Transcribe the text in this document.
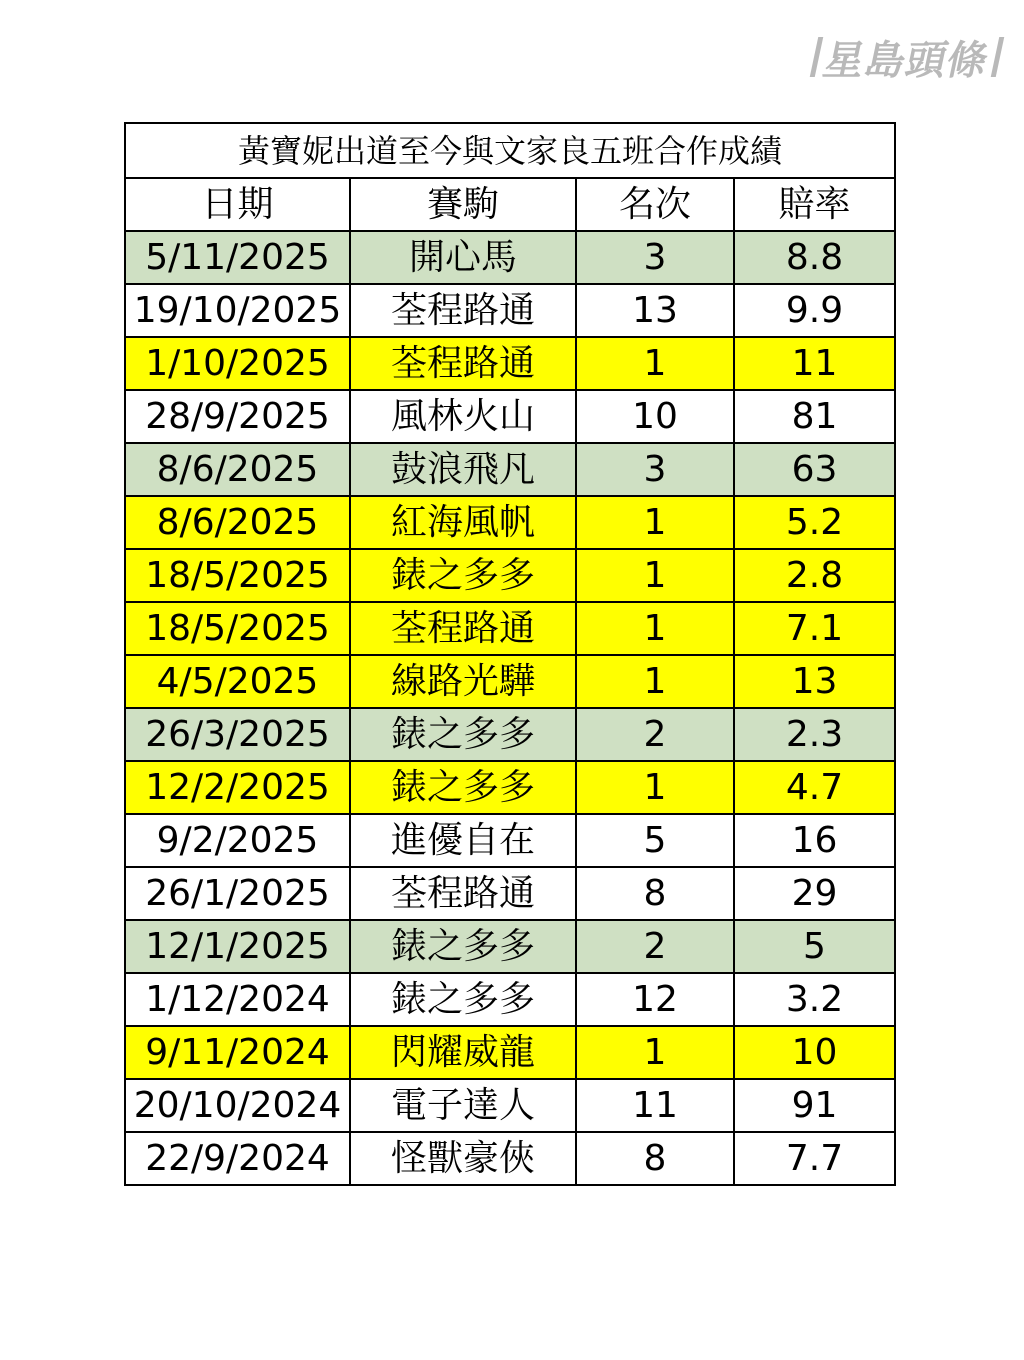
星島頭條
黃寶妮出道至今與文家良五班合作成績			
日期	賽駒	名次	賠率
5/11/2025	開心馬	3	8.8
19/10/2025	荃程路通	13	9.9
1/10/2025	荃程路通	1	11
28/9/2025	風林火山	10	81
8/6/2025	鼓浪飛凡	3	63
8/6/2025	紅海風帆	1	5.2
18/5/2025	錶之多多	1	2.8
18/5/2025	荃程路通	1	7.1
4/5/2025	線路光驊	1	13
26/3/2025	錶之多多	2	2.3
12/2/2025	錶之多多	1	4.7
9/2/2025	進優自在	5	16
26/1/2025	荃程路通	8	29
12/1/2025	錶之多多	2	5
1/12/2024	錶之多多	12	3.2
9/11/2024	閃耀威龍	1	10
20/10/2024	電子達人	11	91
22/9/2024	怪獸豪俠	8	7.7
